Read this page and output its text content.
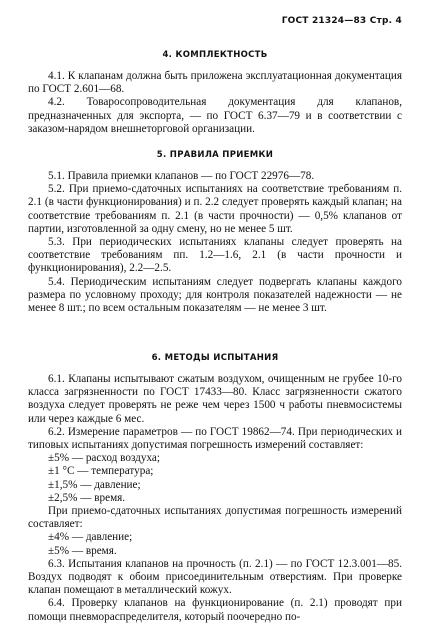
ГОСТ 21324—83 Стр. 4
4. КОМПЛЕКТНОСТЬ

4.1. К клапанам должна быть приложена эксплуатационная документация по ГОСТ 2.601—68.

4.2. Товаросопроводительная документация для клапанов, предназначенных для экспорта, — по ГОСТ 6.37—79 и в соответствии с заказом-нарядом внешнеторговой организации.

5. ПРАВИЛА ПРИЕМКИ

5.1. Правила приемки клапанов — по ГОСТ 22976—78.

5.2. При приемо-сдаточных испытаниях на соответствие требованиям п. 2.1 (в части функционирования) и п. 2.2 следует проверять каждый клапан; на соответствие требованиям п. 2.1 (в части прочности) — 0,5% клапанов от партии, изготовленной за одну смену, но не менее 5 шт.

5.3. При периодических испытаниях клапаны следует проверять на соответствие требованиям пп. 1.2—1.6, 2.1 (в части прочности и функционирования), 2.2—2.5.

5.4. Периодическим испытаниям следует подвергать клапаны каждого размера по условному проходу; для контроля показателей надежности — не менее 8 шт.; по всем остальным показателям — не менее 3 шт.

6. МЕТОДЫ ИСПЫТАНИЯ

6.1. Клапаны испытывают сжатым воздухом, очищенным не грубее 10-го класса загрязненности по ГОСТ 17433—80. Класс загрязненности сжатого воздуха следует проверять не реже чем через 1500 ч работы пневмосистемы или через каждые 6 мес.

6.2. Измерение параметров — по ГОСТ 19862—74. При периодических и типовых испытаниях допустимая погрешность измерений составляет:

±5% — расход воздуха;

±1 °С — температура;

±1,5% — давление;

±2,5% — время.

При приемо-сдаточных испытаниях допустимая погрешность измерений составляет:

±4% — давление;

±5% — время.

6.3. Испытания клапанов на прочность (п. 2.1) — по ГОСТ 12.3.001—85. Воздух подводят к обоим присоединительным отверстиям. При проверке клапан помещают в металлический кожух.

6.4. Проверку клапанов на функционирование (п. 2.1) проводят при помощи пневмораспределителя, который поочередно по-
